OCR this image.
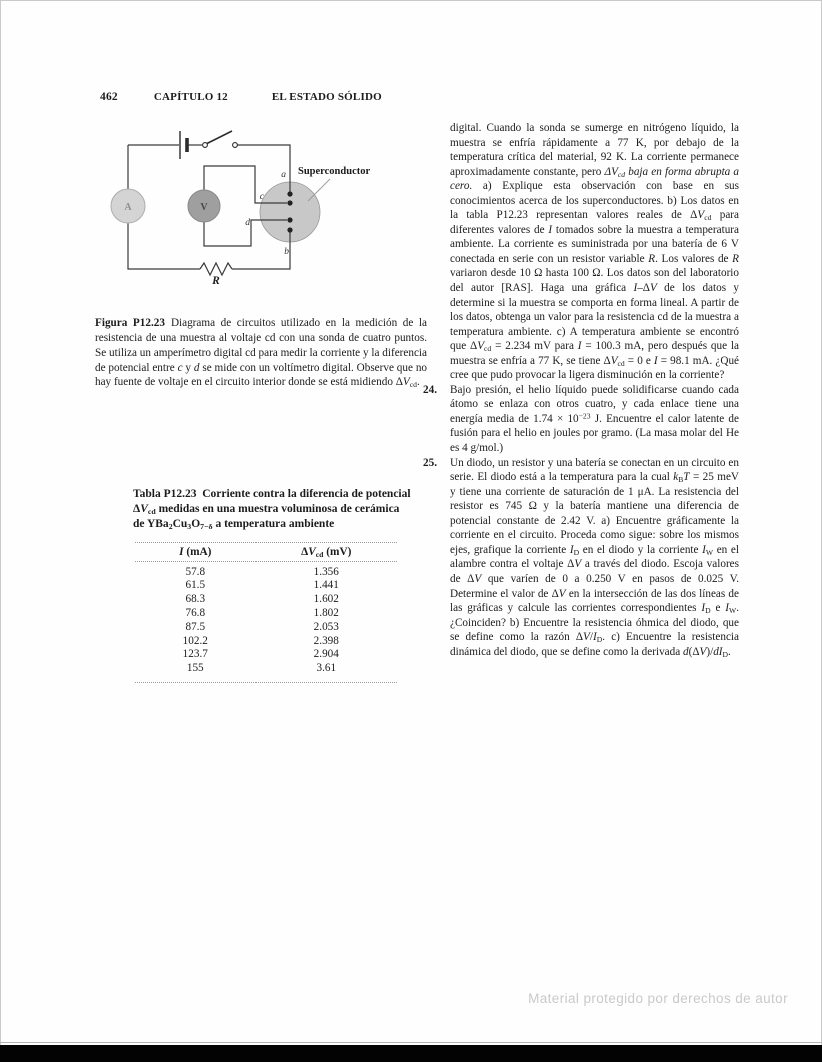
462	CAPÍTULO 12	EL ESTADO SÓLIDO
A	V
a
c
d
b
Superconductor
R

Figura P12.23 Diagrama de circuitos utilizado en la medición de la resistencia de una muestra al voltaje cd con una sonda de cuatro puntos. Se utiliza un amperímetro digital cd para medir la corriente y la diferencia de potencial entre c y d se mide con un voltímetro digital. Observe que no hay fuente de voltaje en el circuito interior donde se está midiendo $\Delta V_{cd}$.

Tabla P12.23 Corriente contra la diferencia de potencial $\Delta V_{cd}$ medidas en una muestra voluminosa de cerámica de $YBa_2Cu_3O_{7-\delta}$ a temperatura ambiente

I (mA)	$\Delta V_{cd}$ (mV)
57.8	1.356
61.5	1.441
68.3	1.602
76.8	1.802
87.5	2.053
102.2	2.398
123.7	2.904
155	3.61

digital. Cuando la sonda se sumerge en nitrógeno líquido, la muestra se enfría rápidamente a 77 K, por debajo de la temperatura crítica del material, 92 K. La corriente permanece aproximadamente constante, pero $\Delta V_{cd}$ baja en forma abrupta a cero. a) Explique esta observación con base en sus conocimientos acerca de los superconductores. b) Los datos en la tabla P12.23 representan valores reales de $\Delta V_{cd}$ para diferentes valores de I tomados sobre la muestra a temperatura ambiente. La corriente es suministrada por una batería de 6 V conectada en serie con un resistor variable R. Los valores de R variaron desde 10 Ω hasta 100 Ω. Los datos son del laboratorio del autor [RAS]. Haga una gráfica I–ΔV de los datos y determine si la muestra se comporta en forma lineal. A partir de los datos, obtenga un valor para la resistencia cd de la muestra a temperatura ambiente. c) A temperatura ambiente se encontró que $\Delta V_{cd} = 2.234$ mV para I = 100.3 mA, pero después que la muestra se enfría a 77 K, se tiene $\Delta V_{cd} = 0$ e I = 98.1 mA. ¿Qué cree que pudo provocar la ligera disminución en la corriente?

24. Bajo presión, el helio líquido puede solidificarse cuando cada átomo se enlaza con otros cuatro, y cada enlace tiene una energía media de $1.74 \times 10^{-23}$ J. Encuentre el calor latente de fusión para el helio en joules por gramo. (La masa molar del He es 4 g/mol.)
25. Un diodo, un resistor y una batería se conectan en un circuito en serie. El diodo está a la temperatura para la cual $k_BT = 25$ meV y tiene una corriente de saturación de 1 μA. La resistencia del resistor es 745 Ω y la batería mantiene una diferencia de potencial constante de 2.42 V. a) Encuentre gráficamente la corriente en el circuito. Proceda como sigue: sobre los mismos ejes, grafique la corriente $I_D$ en el diodo y la corriente $I_W$ en el alambre contra el voltaje ΔV a través del diodo. Escoja valores de ΔV que varíen de 0 a 0.250 V en pasos de 0.025 V. Determine el valor de ΔV en la intersección de las dos líneas de las gráficas y calcule las corrientes correspondientes $I_D$ e $I_W$. ¿Coinciden? b) Encuentre la resistencia óhmica del diodo, que se define como la razón $\Delta V/I_D$. c) Encuentre la resistencia dinámica del diodo, que se define como la derivada $d(\Delta V)/dI_D$.
Material protegido por derechos de autor
